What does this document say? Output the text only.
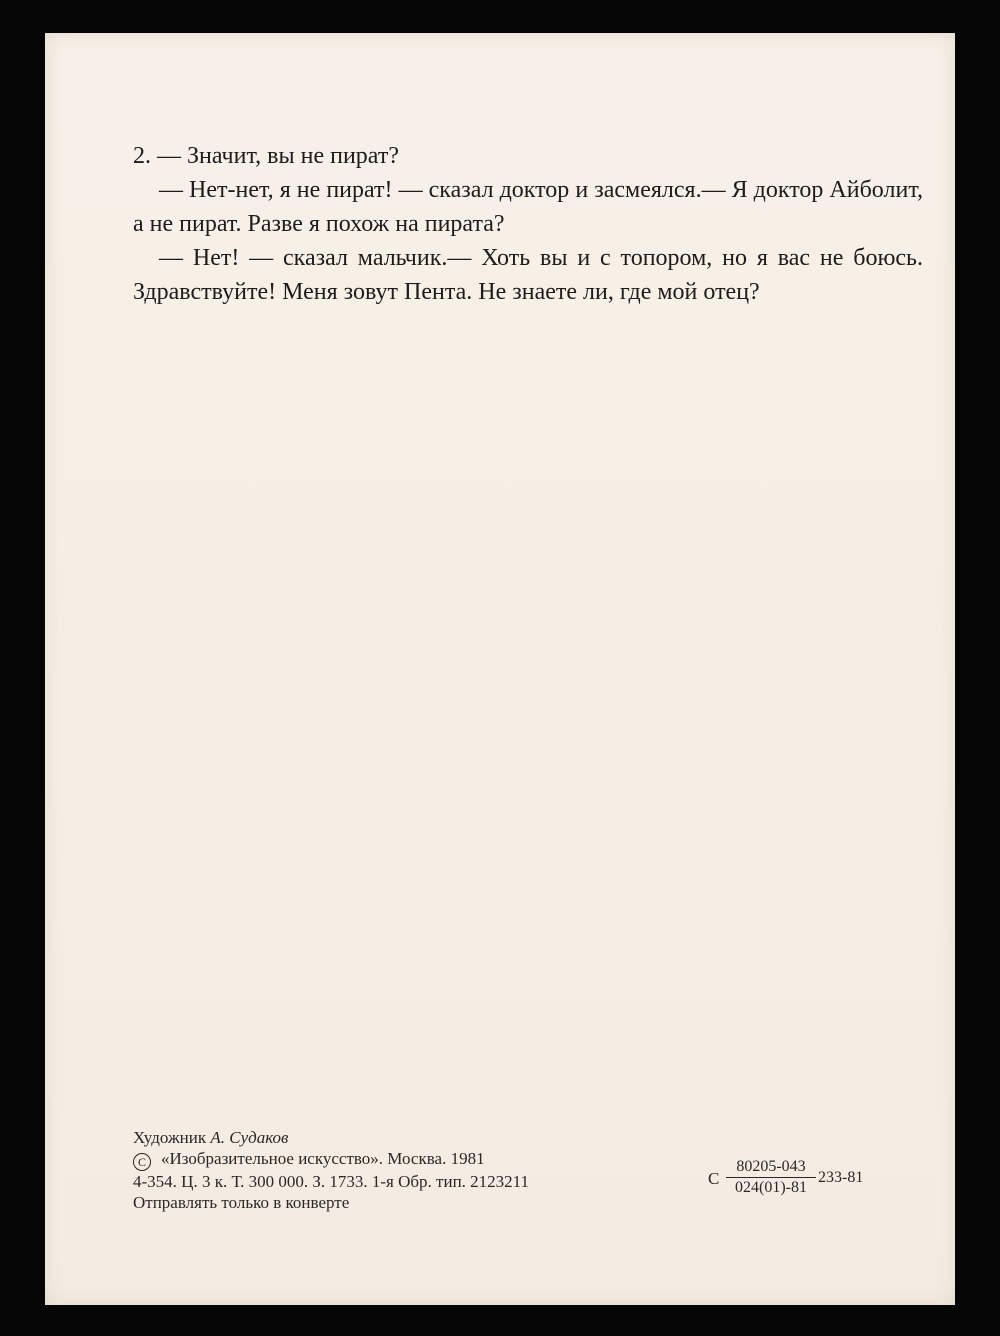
2. — Значит, вы не пират?

— Нет-нет, я не пират! — сказал доктор и засмеялся.— Я доктор Айболит, а не пират. Разве я похож на пирата?

— Нет! — сказал мальчик.— Хоть вы и с топором, но я вас не боюсь. Здравствуйте! Меня зовут Пента. Не знаете ли, где мой отец?

Художник А. Судаков
C «Изобразительное искусство». Москва. 1981
4-354. Ц. 3 к. Т. 300 000. З. 1733. 1-я Обр. тип. 2123211
Отправлять только в конверте
С
80205-043
024(01)-81
233-81
